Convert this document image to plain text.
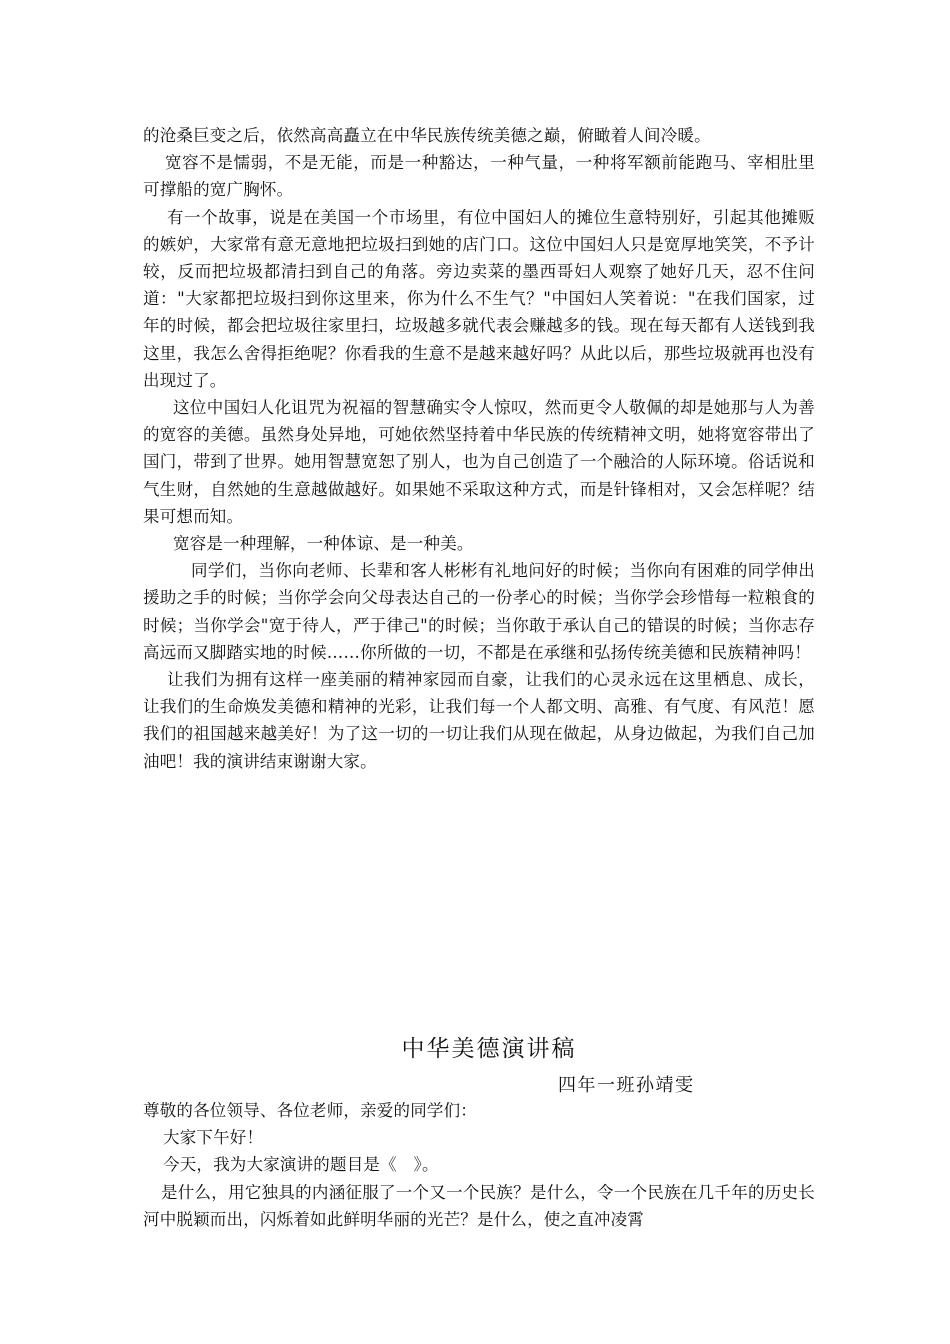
的沧桑巨变之后，依然高高矗立在中华民族传统美德之巅，俯瞰着人间冷暖。

宽容不是懦弱，不是无能，而是一种豁达，一种气量，一种将军额前能跑马、宰相肚里可撑船的宽广胸怀。

有一个故事，说是在美国一个市场里，有位中国妇人的摊位生意特别好，引起其他摊贩的嫉妒，大家常有意无意地把垃圾扫到她的店门口。这位中国妇人只是宽厚地笑笑，不予计较，反而把垃圾都清扫到自己的角落。旁边卖菜的墨西哥妇人观察了她好几天，忍不住问道："大家都把垃圾扫到你这里来，你为什么不生气？"中国妇人笑着说："在我们国家，过年的时候，都会把垃圾往家里扫，垃圾越多就代表会赚越多的钱。现在每天都有人送钱到我这里，我怎么舍得拒绝呢？你看我的生意不是越来越好吗？从此以后，那些垃圾就再也没有出现过了。

这位中国妇人化诅咒为祝福的智慧确实令人惊叹，然而更令人敬佩的却是她那与人为善的宽容的美德。虽然身处异地，可她依然坚持着中华民族的传统精神文明，她将宽容带出了国门，带到了世界。她用智慧宽恕了别人，也为自己创造了一个融洽的人际环境。俗话说和气生财，自然她的生意越做越好。如果她不采取这种方式，而是针锋相对，又会怎样呢？结果可想而知。

宽容是一种理解，一种体谅、是一种美。

同学们，当你向老师、长辈和客人彬彬有礼地问好的时候；当你向有困难的同学伸出援助之手的时候；当你学会向父母表达自己的一份孝心的时候；当你学会珍惜每一粒粮食的时候；当你学会"宽于待人，严于律己"的时候；当你敢于承认自己的错误的时候；当你志存高远而又脚踏实地的时候……你所做的一切，不都是在承继和弘扬传统美德和民族精神吗！

让我们为拥有这样一座美丽的精神家园而自豪，让我们的心灵永远在这里栖息、成长，让我们的生命焕发美德和精神的光彩，让我们每一个人都文明、高雅、有气度、有风范！愿我们的祖国越来越美好！为了这一切的一切让我们从现在做起，从身边做起，为我们自己加油吧！我的演讲结束谢谢大家。

中华美德演讲稿
四年一班孙靖雯

尊敬的各位领导、各位老师，亲爱的同学们：

大家下午好！

今天，我为大家演讲的题目是《　》。

是什么，用它独具的内涵征服了一个又一个民族？是什么，令一个民族在几千年的历史长河中脱颖而出，闪烁着如此鲜明华丽的光芒？是什么，使之直冲凌霄
